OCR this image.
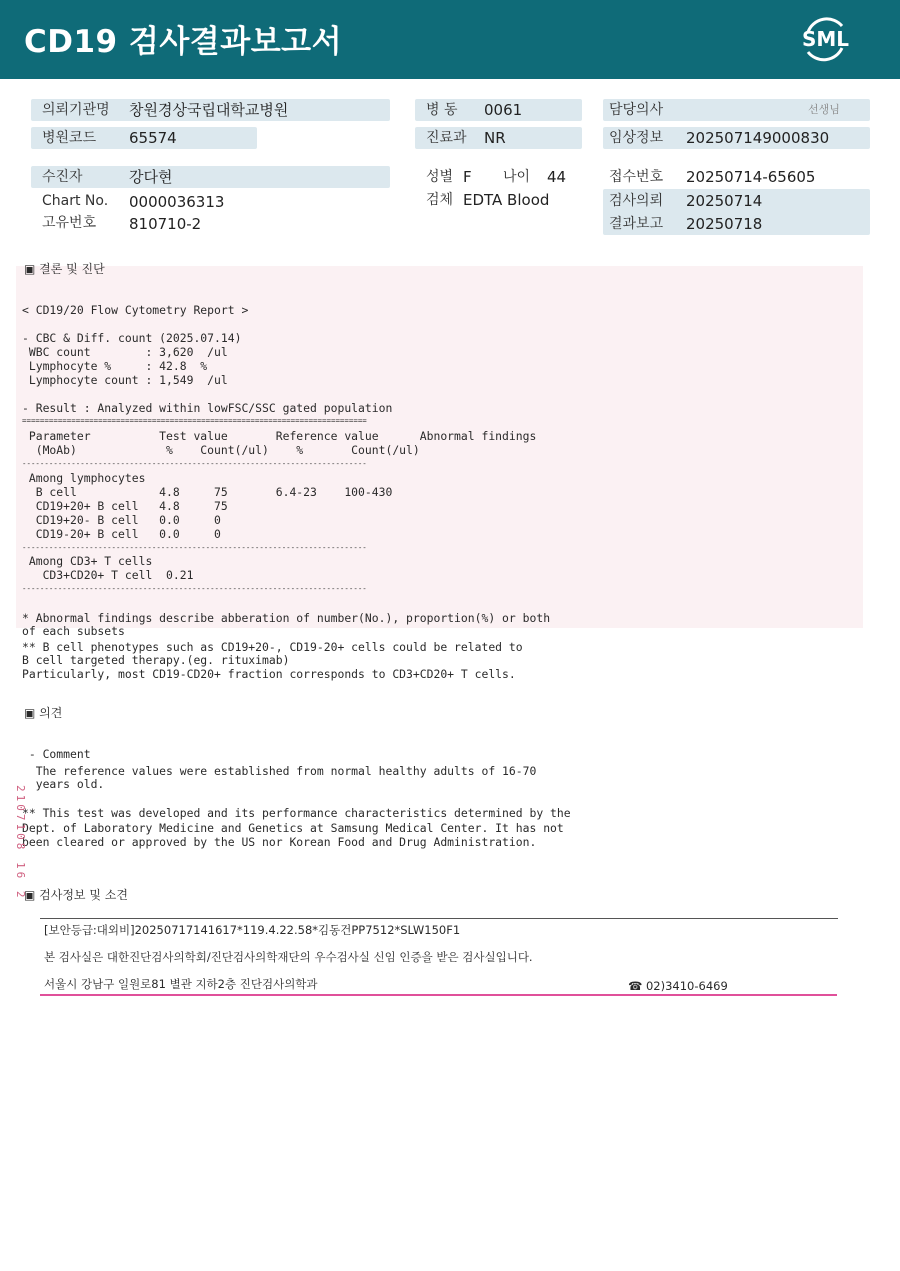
CD19 검사결과보고서	SML
의뢰기관명 창원경상국립대학교병원
병원코드 65574
병 동 0061
진료과 NR
담당의사	선생님
임상정보 202507149000830
수진자	강다현
Chart No. 0000036313
고유번호 810710-2
성별 F 나이 44
검체 EDTA Blood
접수번호 20250714-65605
검사의뢰 20250714
결과보고 20250718
▣ 결론 및 진단
< CD19/20 Flow Cytometry Report >
- CBC & Diff. count (2025.07.14)
WBC count        : 3,620  /ul
Lymphocyte %     : 42.8  %
Lymphocyte count : 1,549  /ul
- Result : Analyzed within lowFSC/SSC gated population
=============================================================================
Parameter          Test value       Reference value      Abnormal findings
(MoAb)             %    Count(/ul)    %       Count(/ul)
-----------------------------------------------------------------------------
Among lymphocytes
B cell            4.8     75       6.4-23    100-430
CD19+20+ B cell   4.8     75
CD19+20- B cell   0.0     0
CD19-20+ B cell   0.0     0
-----------------------------------------------------------------------------
Among CD3+ T cells
CD3+CD20+ T cell  0.21
-----------------------------------------------------------------------------
* Abnormal findings describe abberation of number(No.), proportion(%) or both
of each subsets
** B cell phenotypes such as CD19+20-, CD19-20+ cells could be related to
B cell targeted therapy.(eg. rituximab)
Particularly, most CD19-CD20+ fraction corresponds to CD3+CD20+ T cells.
▣ 의견
- Comment
The reference values were established from normal healthy adults of 16-70
years old.
** This test was developed and its performance characteristics determined by the
Dept. of Laboratory Medicine and Genetics at Samsung Medical Center. It has not
been cleared or approved by the US nor Korean Food and Drug Administration.
2107108 16 2
▣ 검사정보 및 소견
[보안등급:대외비]20250717141617*119.4.22.58*김동건PP7512*SLW150F1
본 검사실은 대한진단검사의학회/진단검사의학재단의 우수검사실 신임 인증을 받은 검사실입니다.
서울시 강남구 일원로81 별관 지하2층 진단검사의학과	☎ 02)3410-6469
